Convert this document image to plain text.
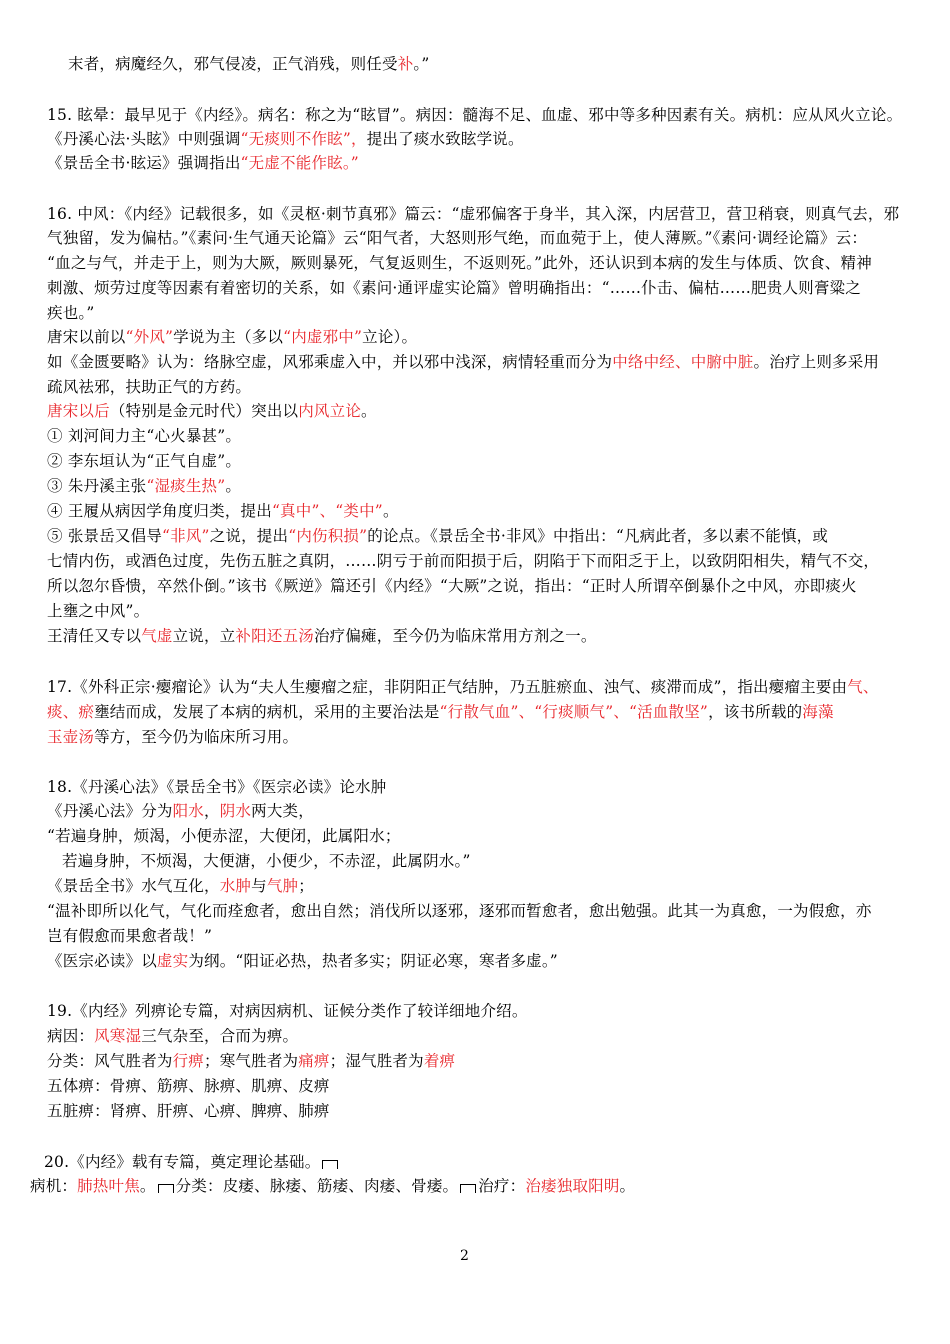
末者，病魔经久，邪气侵凌，正气消残，则任受补。”
15. 眩晕：最早见于《内经》。病名：称之为“眩冒”。病因：髓海不足、血虚、邪中等多种因素有关。病机：应从风火立论。
《丹溪心法·头眩》中则强调“无痰则不作眩”，提出了痰水致眩学说。
《景岳全书·眩运》强调指出“无虚不能作眩。”
16. 中风：《内经》记载很多，如《灵枢·刺节真邪》篇云：“虚邪偏客于身半，其入深，内居营卫，营卫稍衰，则真气去，邪
气独留，发为偏枯。”《素问·生气通天论篇》云“阳气者，大怒则形气绝，而血菀于上，使人薄厥。”《素问·调经论篇》云：
“血之与气，并走于上，则为大厥，厥则暴死，气复返则生，不返则死。”此外，还认识到本病的发生与体质、饮食、精神
刺激、烦劳过度等因素有着密切的关系，如《素问·通评虚实论篇》曾明确指出：“……仆击、偏枯……肥贵人则膏粱之
疾也。”
唐宋以前以“外风”学说为主（多以“内虚邪中”立论）。
如《金匮要略》认为：络脉空虚，风邪乘虚入中，并以邪中浅深，病情轻重而分为中络中经、中腑中脏。治疗上则多采用
疏风祛邪，扶助正气的方药。
唐宋以后（特别是金元时代）突出以内风立论。
① 刘河间力主“心火暴甚”。
② 李东垣认为“正气自虚”。
③ 朱丹溪主张“湿痰生热”。
④ 王履从病因学角度归类，提出“真中”、“类中”。
⑤ 张景岳又倡导“非风”之说，提出“内伤积损”的论点。《景岳全书·非风》中指出：“凡病此者，多以素不能慎，或
七情内伤，或酒色过度，先伤五脏之真阴，……阴亏于前而阳损于后，阴陷于下而阳乏于上，以致阴阳相失，精气不交，
所以忽尔昏愦，卒然仆倒。”该书《厥逆》篇还引《内经》“大厥”之说，指出：“正时人所谓卒倒暴仆之中风，亦即痰火
上壅之中风”。
王清任又专以气虚立说，立补阳还五汤治疗偏瘫，至今仍为临床常用方剂之一。
17.《外科正宗·瘿瘤论》认为“夫人生瘿瘤之症，非阴阳正气结肿，乃五脏瘀血、浊气、痰滞而成”，指出瘿瘤主要由气、
痰、瘀壅结而成，发展了本病的病机，采用的主要治法是“行散气血”、“行痰顺气”、“活血散坚”，该书所载的海藻
玉壶汤等方，至今仍为临床所习用。
18.《丹溪心法》《景岳全书》《医宗必读》论水肿
《丹溪心法》分为阳水，阴水两大类，
“若遍身肿，烦渴，小便赤涩，大便闭，此属阳水；
若遍身肿，不烦渴，大便溏，小便少，不赤涩，此属阴水。”
《景岳全书》水气互化，水肿与气肿；
“温补即所以化气，气化而痊愈者，愈出自然；消伐所以逐邪，逐邪而暂愈者，愈出勉强。此其一为真愈，一为假愈，亦
岂有假愈而果愈者哉！”
《医宗必读》以虚实为纲。“阳证必热，热者多实；阴证必寒，寒者多虚。”
19.《内经》列痹论专篇，对病因病机、证候分类作了较详细地介绍。
病因：风寒湿三气杂至，合而为痹。
分类：风气胜者为行痹；寒气胜者为痛痹；湿气胜者为着痹
五体痹：骨痹、筋痹、脉痹、肌痹、皮痹
五脏痹：肾痹、肝痹、心痹、脾痹、肺痹
20.《内经》载有专篇，奠定理论基础。
病机：肺热叶焦。 分类：皮痿、脉痿、筋痿、肉痿、骨痿。 治疗：治痿独取阳明。
2
